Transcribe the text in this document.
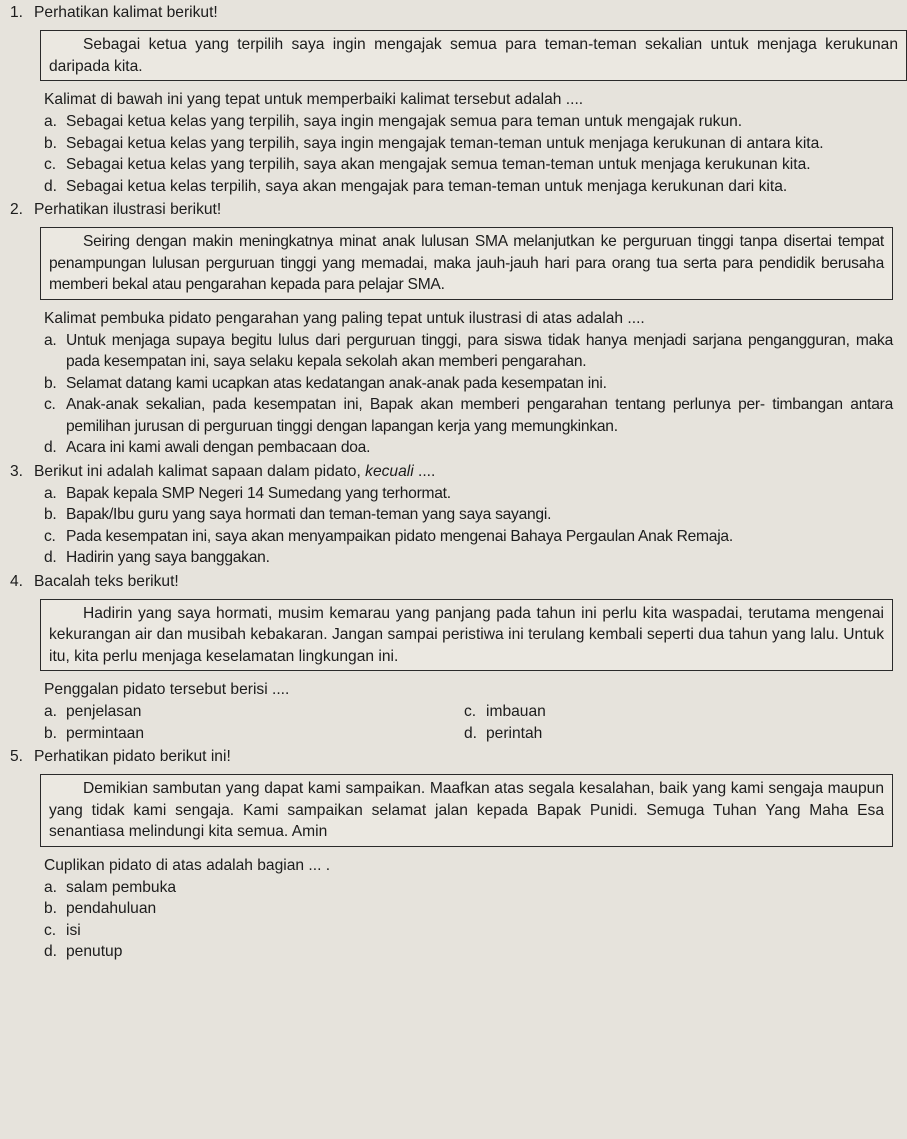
1. Perhatikan kalimat berikut!

Sebagai ketua yang terpilih saya ingin mengajak semua para teman-teman sekalian untuk menjaga kerukunan daripada kita.

Kalimat di bawah ini yang tepat untuk memperbaiki kalimat tersebut adalah ....
a. Sebagai ketua kelas yang terpilih, saya ingin mengajak semua para teman untuk mengajak rukun.
b. Sebagai ketua kelas yang terpilih, saya ingin mengajak teman-teman untuk menjaga kerukunan di antara kita.
c. Sebagai ketua kelas yang terpilih, saya akan mengajak semua teman-teman untuk menjaga kerukunan kita.
d. Sebagai ketua kelas terpilih, saya akan mengajak para teman-teman untuk menjaga kerukunan dari kita.
2. Perhatikan ilustrasi berikut!

Seiring dengan makin meningkatnya minat anak lulusan SMA melanjutkan ke perguruan tinggi tanpa disertai tempat penampungan lulusan perguruan tinggi yang memadai, maka jauh-jauh hari para orang tua serta para pendidik berusaha memberi bekal atau pengarahan kepada para pelajar SMA.

Kalimat pembuka pidato pengarahan yang paling tepat untuk ilustrasi di atas adalah ....
a. Untuk menjaga supaya begitu lulus dari perguruan tinggi, para siswa tidak hanya menjadi sarjana pengangguran, maka pada kesempatan ini, saya selaku kepala sekolah akan memberi pengarahan.
b. Selamat datang kami ucapkan atas kedatangan anak-anak pada kesempatan ini.
c. Anak-anak sekalian, pada kesempatan ini, Bapak akan memberi pengarahan tentang perlunya per- timbangan antara pemilihan jurusan di perguruan tinggi dengan lapangan kerja yang memungkinkan.
d. Acara ini kami awali dengan pembacaan doa.
3. Berikut ini adalah kalimat sapaan dalam pidato, kecuali ....
a. Bapak kepala SMP Negeri 14 Sumedang yang terhormat.
b. Bapak/Ibu guru yang saya hormati dan teman-teman yang saya sayangi.
c. Pada kesempatan ini, saya akan menyampaikan pidato mengenai Bahaya Pergaulan Anak Remaja.
d. Hadirin yang saya banggakan.
4. Bacalah teks berikut!

Hadirin yang saya hormati, musim kemarau yang panjang pada tahun ini perlu kita waspadai, terutama mengenai kekurangan air dan musibah kebakaran. Jangan sampai peristiwa ini terulang kembali seperti dua tahun yang lalu. Untuk itu, kita perlu menjaga keselamatan lingkungan ini.

Penggalan pidato tersebut berisi ....
a. penjelasan	c. imbauan
b. permintaan	d. perintah
5. Perhatikan pidato berikut ini!

Demikian sambutan yang dapat kami sampaikan. Maafkan atas segala kesalahan, baik yang kami sengaja maupun yang tidak kami sengaja. Kami sampaikan selamat jalan kepada Bapak Punidi. Semuga Tuhan Yang Maha Esa senantiasa melindungi kita semua. Amin

Cuplikan pidato di atas adalah bagian ... .
a. salam pembuka
b. pendahuluan
c. isi
d. penutup
